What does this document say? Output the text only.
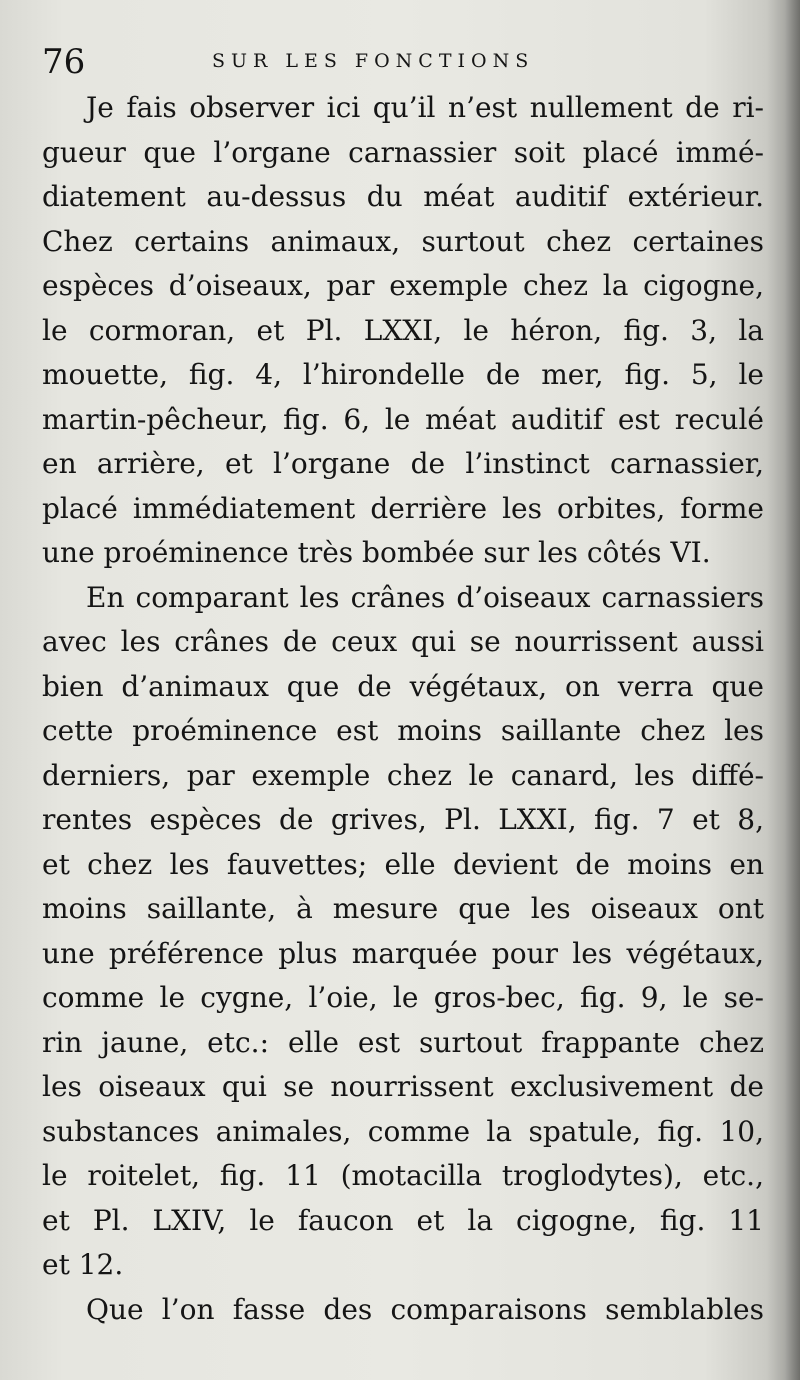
76	SUR LES FONCTIONS
Je fais observer ici qu’il n’est nullement de ri-
gueur que l’organe carnassier soit placé immé-
diatement au-dessus du méat auditif extérieur.
Chez certains animaux, surtout chez certaines
espèces d’oiseaux, par exemple chez la cigogne,
le cormoran, et Pl. LXXI, le héron, fig. 3, la
mouette, fig. 4, l’hirondelle de mer, fig. 5, le
martin-pêcheur, fig. 6, le méat auditif est reculé
en arrière, et l’organe de l’instinct carnassier,
placé immédiatement derrière les orbites, forme
une proéminence très bombée sur les côtés VI.
En comparant les crânes d’oiseaux carnassiers
avec les crânes de ceux qui se nourrissent aussi
bien d’animaux que de végétaux, on verra que
cette proéminence est moins saillante chez les
derniers, par exemple chez le canard, les diffé-
rentes espèces de grives, Pl. LXXI, fig. 7 et 8,
et chez les fauvettes; elle devient de moins en
moins saillante, à mesure que les oiseaux ont
une préférence plus marquée pour les végétaux,
comme le cygne, l’oie, le gros-bec, fig. 9, le se-
rin jaune, etc.: elle est surtout frappante chez
les oiseaux qui se nourrissent exclusivement de
substances animales, comme la spatule, fig. 10,
le roitelet, fig. 11 (motacilla troglodytes), etc.,
et Pl. LXIV, le faucon et la cigogne, fig. 11
et 12.
Que l’on fasse des comparaisons semblables
